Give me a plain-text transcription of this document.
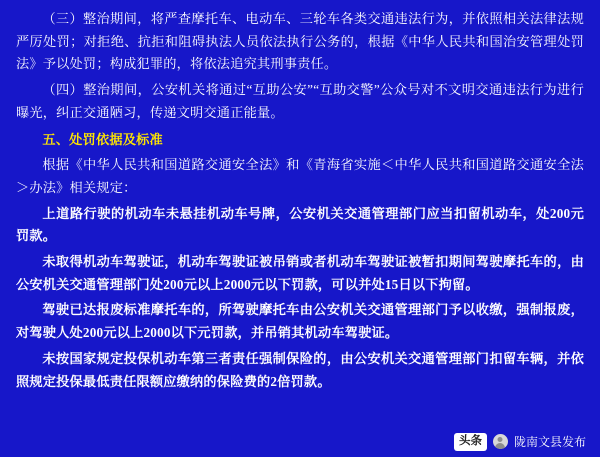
（三）整治期间，将严查摩托车、电动车、三轮车各类交通违法行为，并依照相关法律法规严厉处罚；对拒绝、抗拒和阻碍执法人员依法执行公务的，根据《中华人民共和国治安管理处罚法》予以处罚；构成犯罪的，将依法追究其刑事责任。

（四）整治期间，公安机关将通过“互助公安”“互助交警”公众号对不文明交通违法行为进行曝光，纠正交通陋习，传递文明交通正能量。

五、处罚依据及标准

根据《中华人民共和国道路交通安全法》和《青海省实施＜中华人民共和国道路交通安全法＞办法》相关规定：

上道路行驶的机动车未悬挂机动车号牌，公安机关交通管理部门应当扣留机动车，处200元罚款。

未取得机动车驾驶证，机动车驾驶证被吊销或者机动车驾驶证被暂扣期间驾驶摩托车的，由公安机关交通管理部门处200元以上2000元以下罚款，可以并处15日以下拘留。

驾驶已达报废标准摩托车的，所驾驶摩托车由公安机关交通管理部门予以收缴，强制报废，对驾驶人处200元以上2000以下元罚款，并吊销其机动车驾驶证。

未按国家规定投保机动车第三者责任强制保险的，由公安机关交通管理部门扣留车辆，并依照规定投保最低责任限额应缴纳的保险费的2倍罚款。

头条	陇南文县发布
